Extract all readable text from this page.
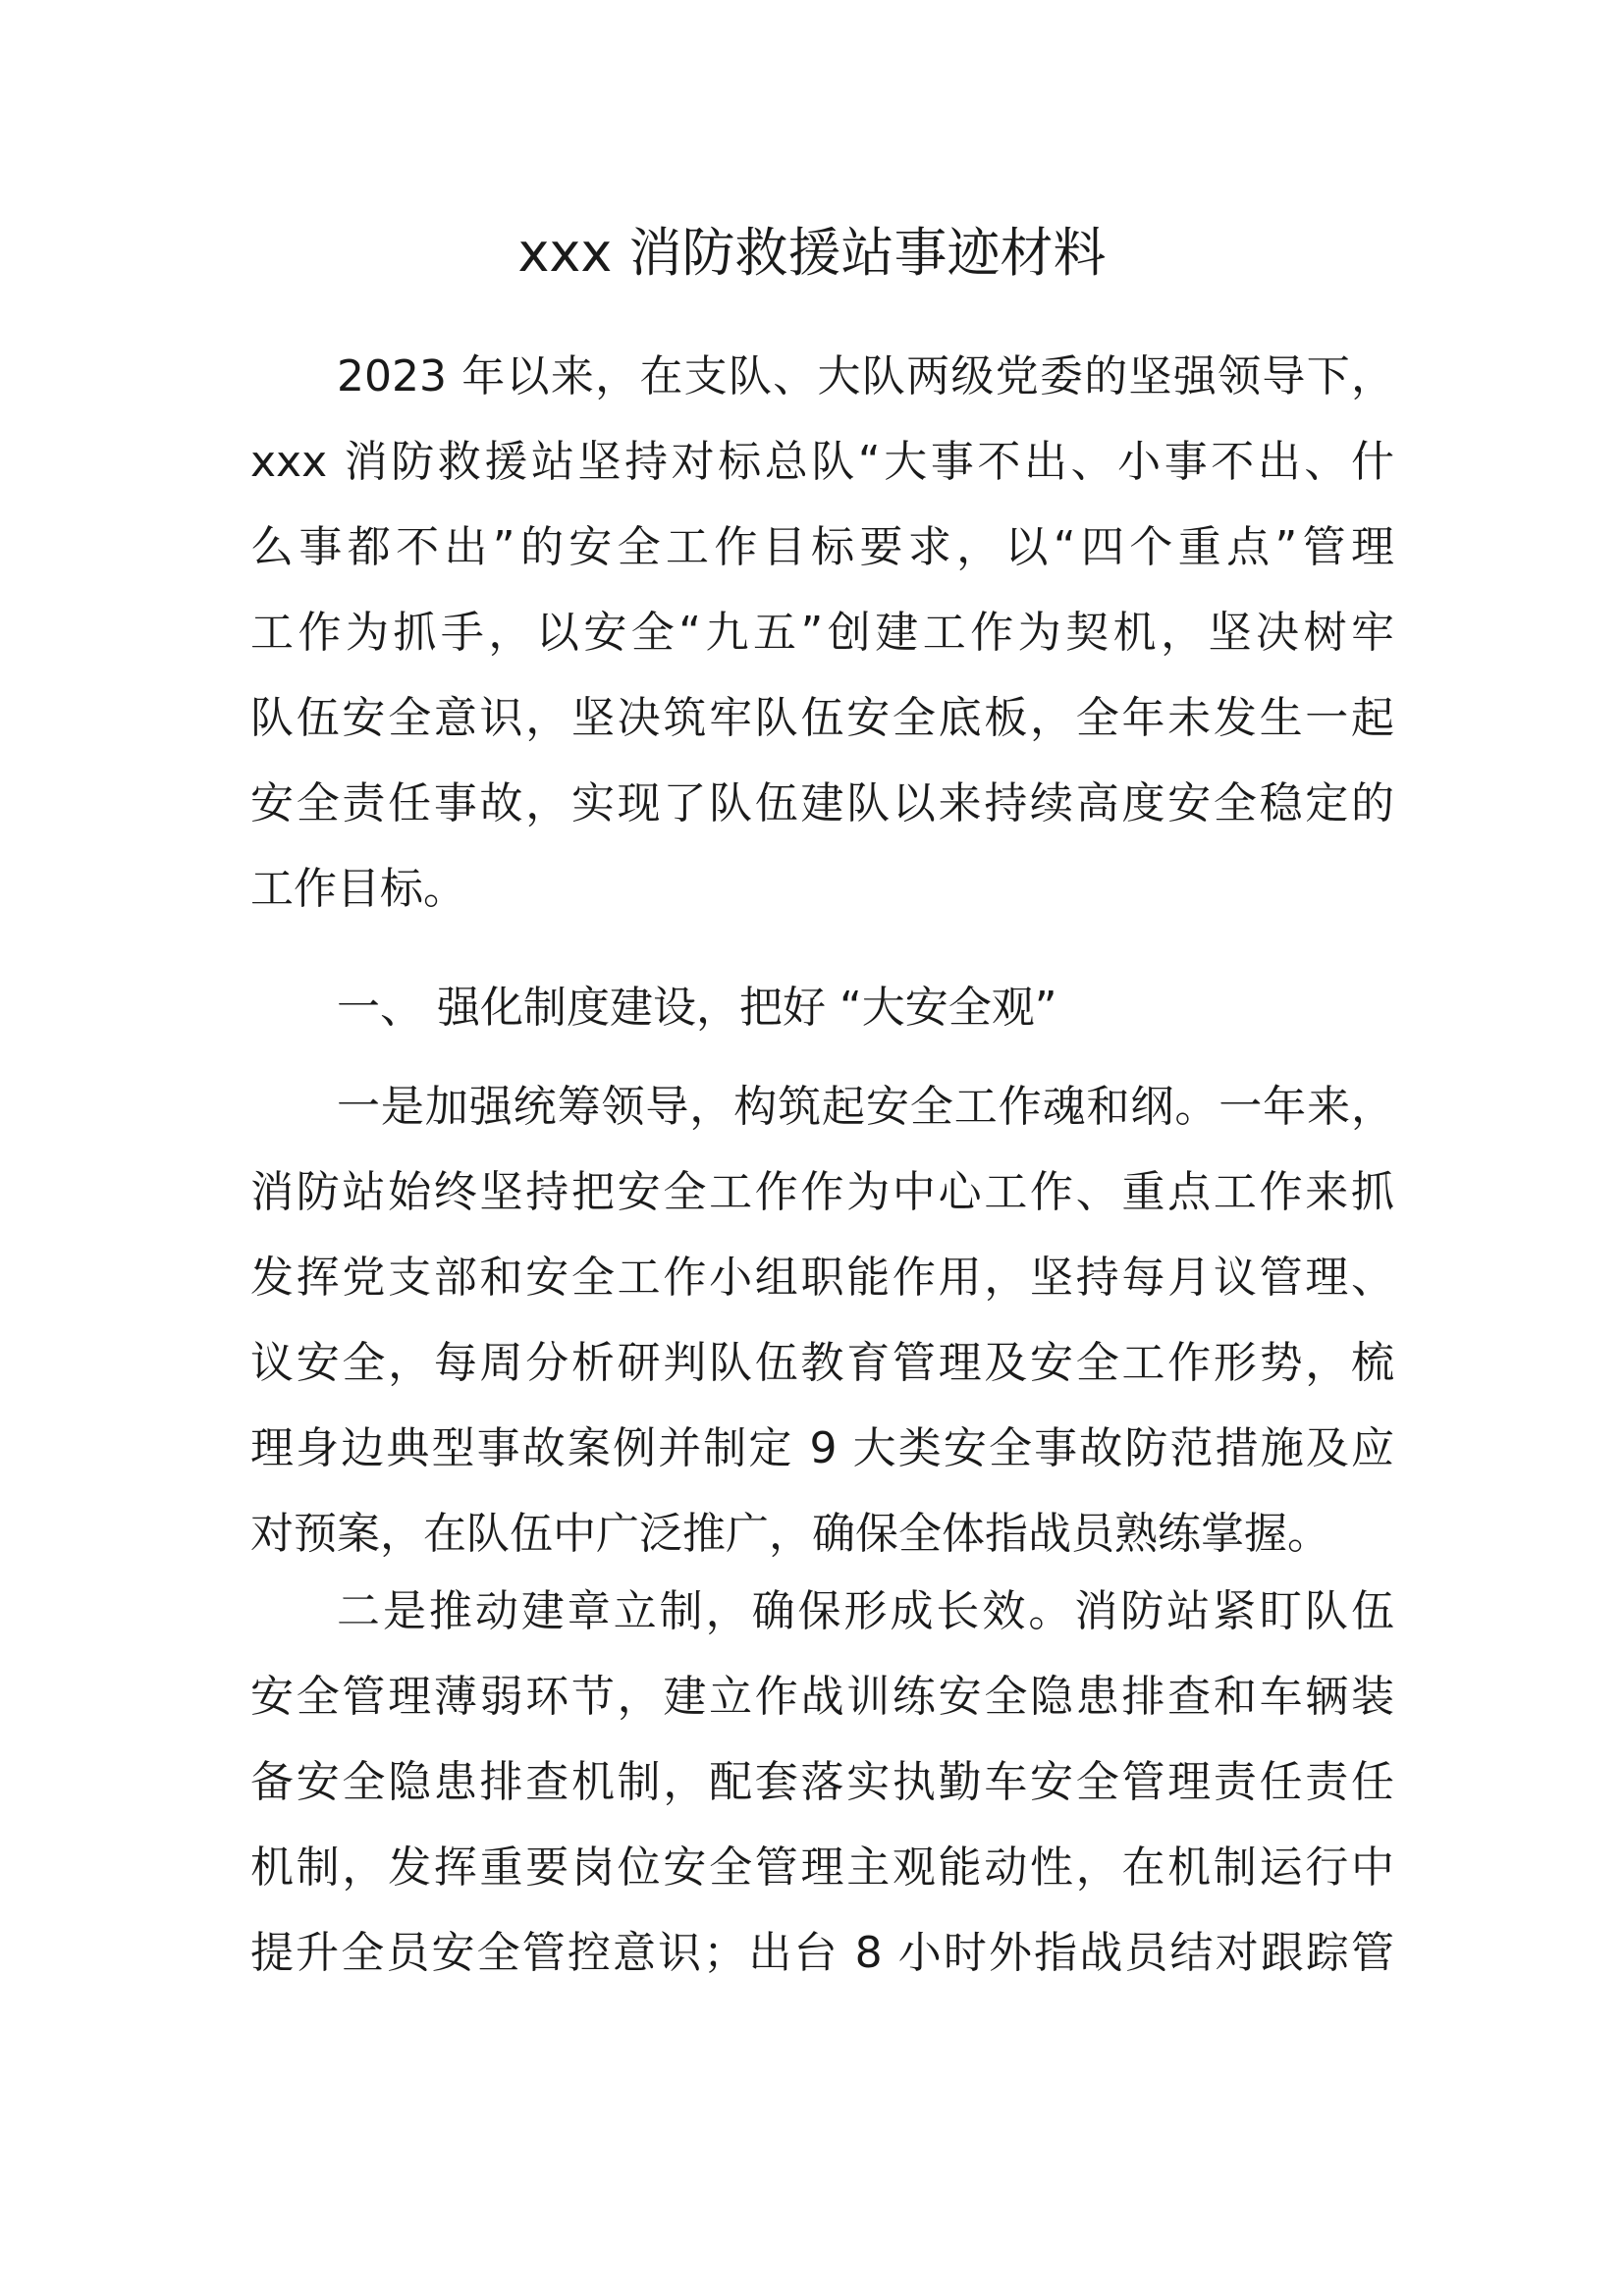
xxx 消防救援站事迹材料
2023 年以来，在支队、大队两级党委的坚强领导下，
xxx 消防救援站坚持对标总队“大事不出、小事不出、什
么事都不出”的安全工作目标要求，以“四个重点”管理
工作为抓手，以安全“九五”创建工作为契机，坚决树牢
队伍安全意识，坚决筑牢队伍安全底板，全年未发生一起
安全责任事故，实现了队伍建队以来持续高度安全稳定的
工作目标。
一、 强化制度建设，把好 “大安全观”
一是加强统筹领导，构筑起安全工作魂和纲。一年来，
消防站始终坚持把安全工作作为中心工作、重点工作来抓
发挥党支部和安全工作小组职能作用，坚持每月议管理、
议安全，每周分析研判队伍教育管理及安全工作形势，梳
理身边典型事故案例并制定 9 大类安全事故防范措施及应
对预案，在队伍中广泛推广，确保全体指战员熟练掌握。
二是推动建章立制，确保形成长效。消防站紧盯队伍
安全管理薄弱环节，建立作战训练安全隐患排查和车辆装
备安全隐患排查机制，配套落实执勤车安全管理责任责任
机制，发挥重要岗位安全管理主观能动性，在机制运行中
提升全员安全管控意识；出台 8 小时外指战员结对跟踪管
